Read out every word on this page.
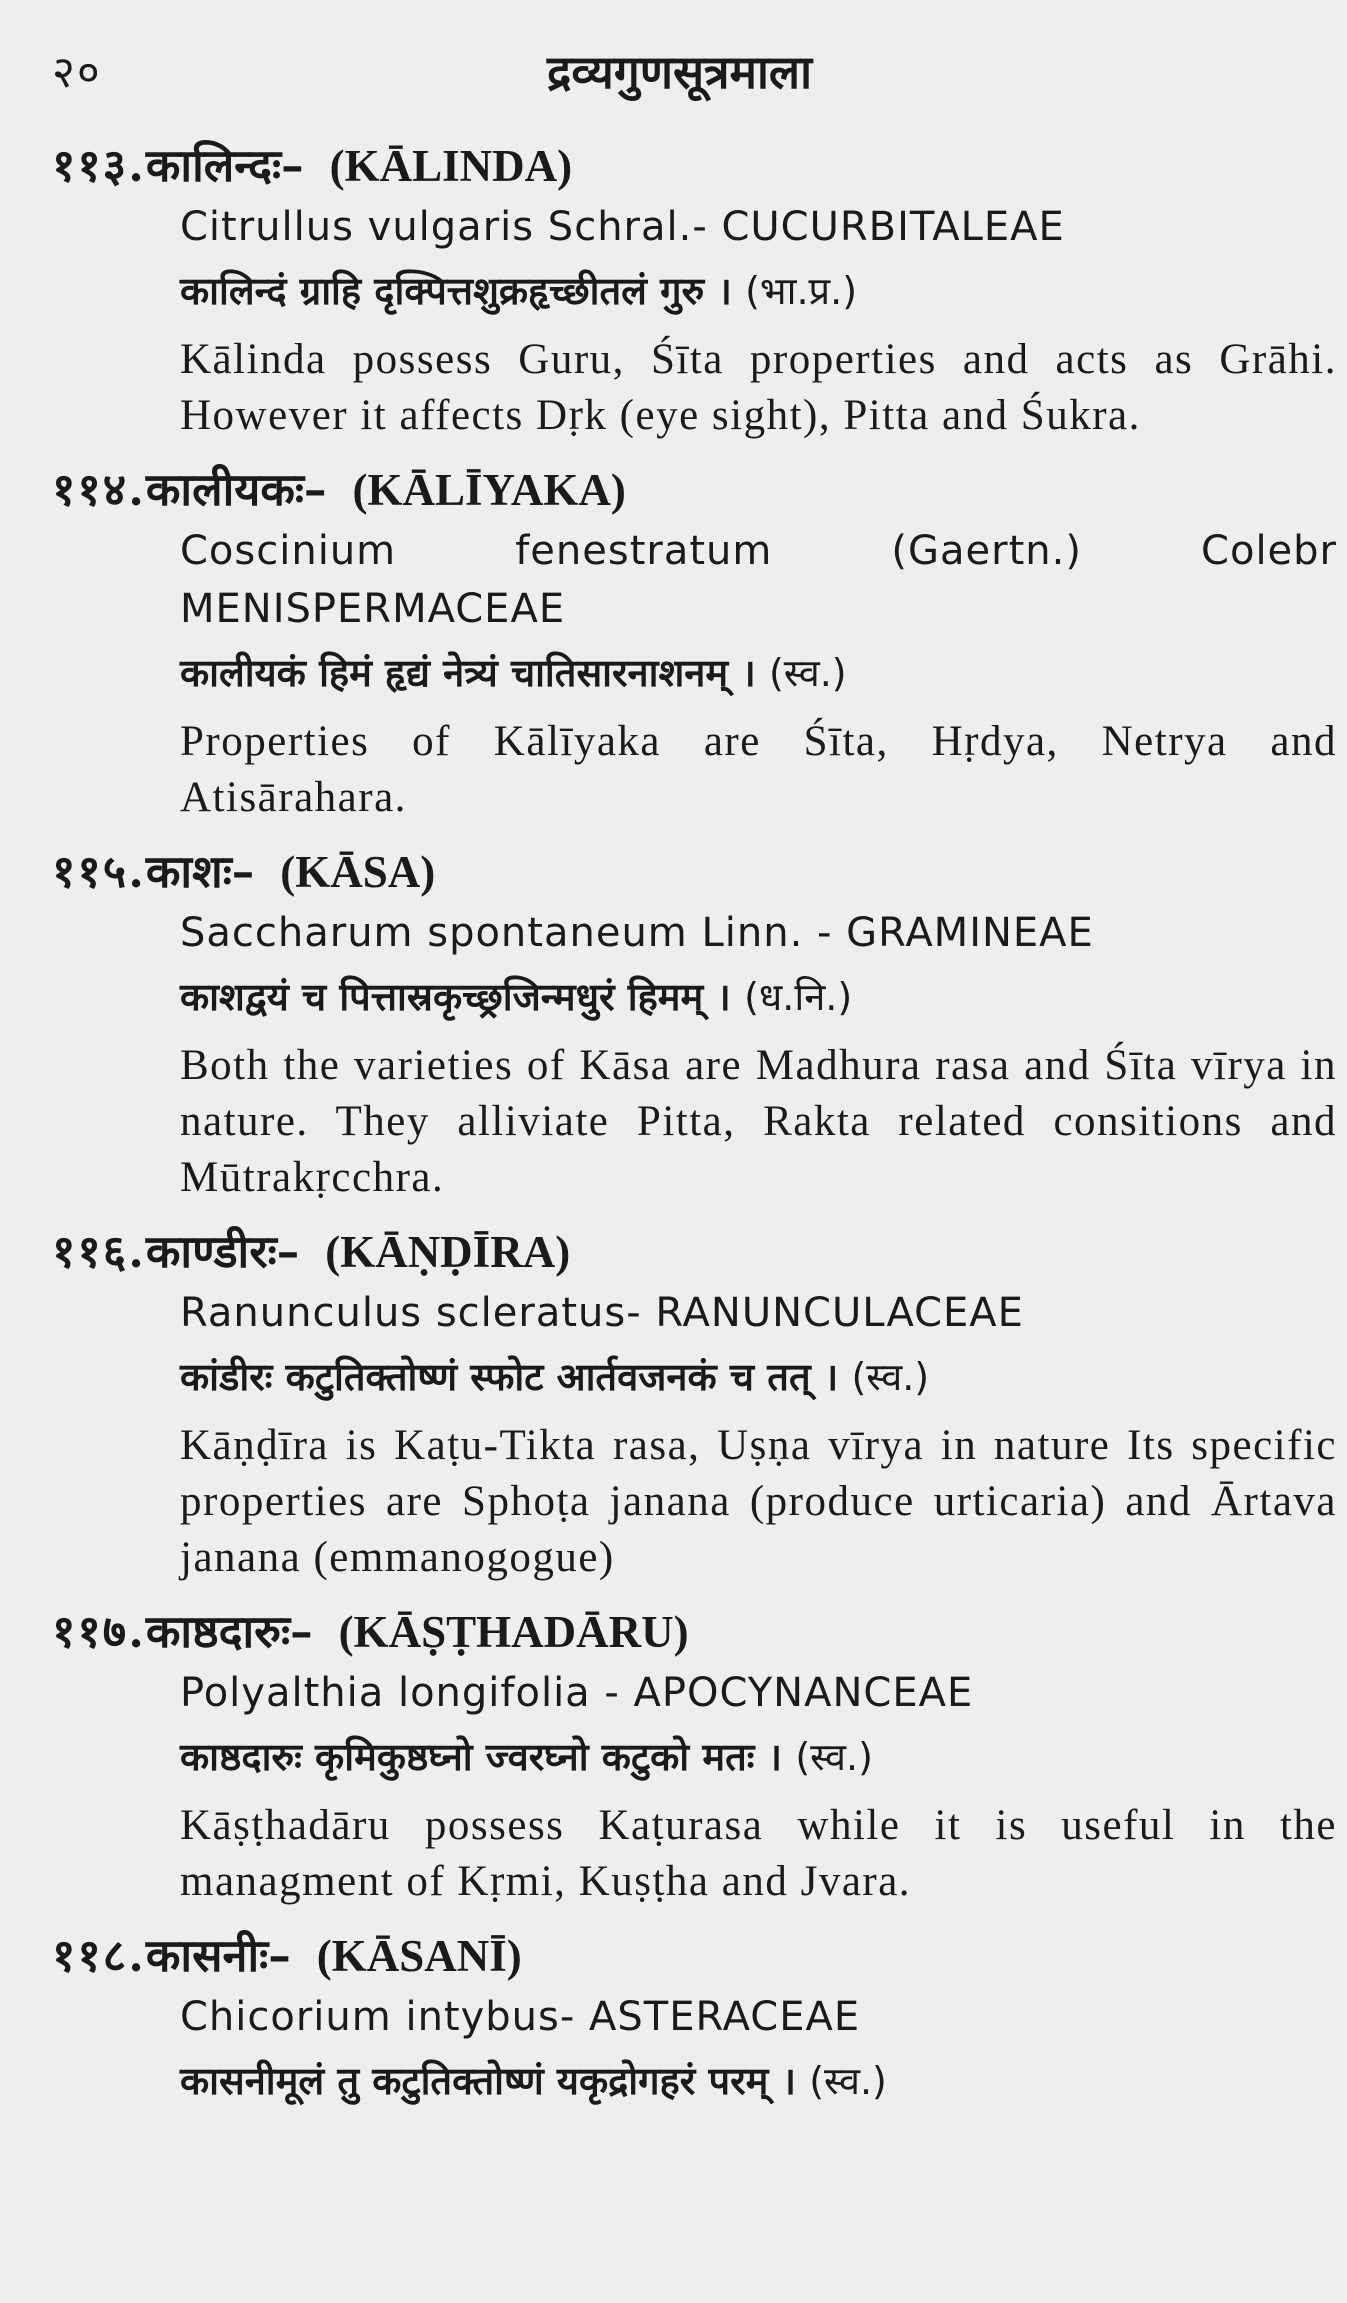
२०	द्रव्यगुणसूत्रमाला
११३.कालिन्दः– (KĀLINDA)
Citrullus vulgaris Schral.- CUCURBITALEAE
कालिन्दं ग्राहि दृक्पित्तशुक्रहृच्छीतलं गुरु । (भा.प्र.)
Kālinda possess Guru, Śīta properties and acts as Grāhi. However it affects Dṛk (eye sight), Pitta and Śukra.
११४.कालीयकः– (KĀLĪYAKA)
Coscinium fenestratum (Gaertn.) Colebr MENISPERMACEAE
कालीयकं हिमं हृद्यं नेत्र्यं चातिसारनाशनम् । (स्व.)
Properties of Kālīyaka are Śīta, Hṛdya, Netrya and Atisārahara.
११५.काशः– (KĀSA)
Saccharum spontaneum Linn. - GRAMINEAE
काशद्वयं च पित्तास्रकृच्छ्रजिन्मधुरं हिमम् । (ध.नि.)
Both the varieties of Kāsa are Madhura rasa and Śīta vīrya in nature. They alliviate Pitta, Rakta related consitions and Mūtrakṛcchra.
११६.काण्डीरः– (KĀṆḌĪRA)
Ranunculus scleratus- RANUNCULACEAE
कांडीरः कटुतिक्तोष्णं स्फोट आर्तवजनकं च तत् । (स्व.)
Kāṇḍīra is Kaṭu-Tikta rasa, Uṣṇa vīrya in nature Its specific properties are Sphoṭa janana (produce urticaria) and Ārtava janana (emmanogogue)
११७.काष्ठदारुः– (KĀṢṬHADĀRU)
Polyalthia longifolia - APOCYNANCEAE
काष्ठदारुः कृमिकुष्ठघ्नो ज्वरघ्नो कटुको मतः । (स्व.)
Kāṣṭhadāru possess Kaṭurasa while it is useful in the managment of Kṛmi, Kuṣṭha and Jvara.
११८.कासनीः– (KĀSANĪ)
Chicorium intybus- ASTERACEAE
कासनीमूलं तु कटुतिक्तोष्णं यकृद्रोगहरं परम् । (स्व.)
